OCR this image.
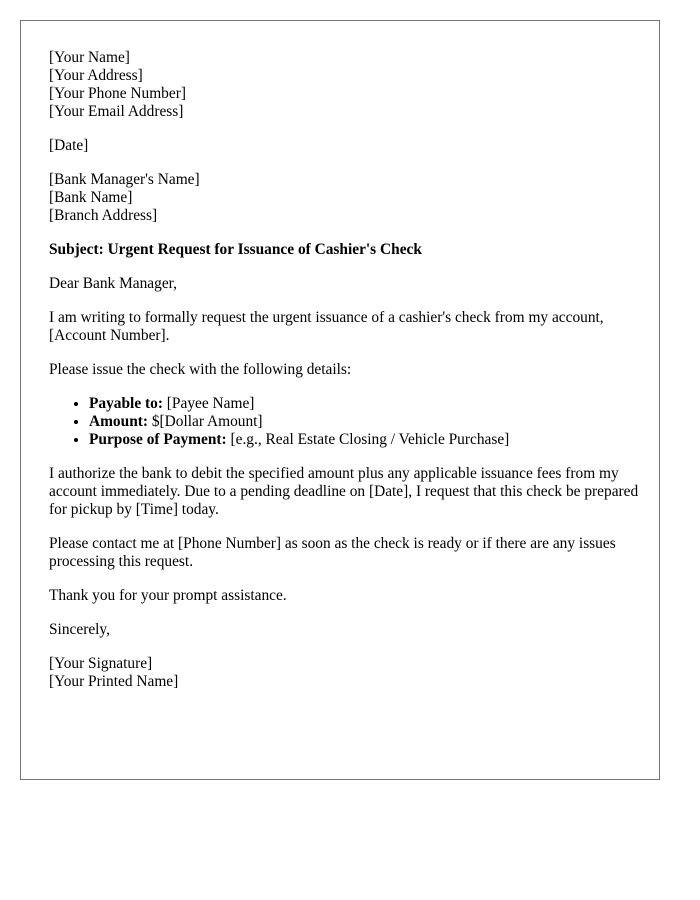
[Your Name]
[Your Address]
[Your Phone Number]
[Your Email Address]
[Date]
[Bank Manager's Name]
[Bank Name]
[Branch Address]
Subject: Urgent Request for Issuance of Cashier's Check
Dear Bank Manager,
I am writing to formally request the urgent issuance of a cashier's check from my account, [Account Number].
Please issue the check with the following details:
• Payable to: [Payee Name]
• Amount: $[Dollar Amount]
• Purpose of Payment: [e.g., Real Estate Closing / Vehicle Purchase]
I authorize the bank to debit the specified amount plus any applicable issuance fees from my account immediately. Due to a pending deadline on [Date], I request that this check be prepared for pickup by [Time] today.
Please contact me at [Phone Number] as soon as the check is ready or if there are any issues processing this request.
Thank you for your prompt assistance.
Sincerely,
[Your Signature]
[Your Printed Name]
